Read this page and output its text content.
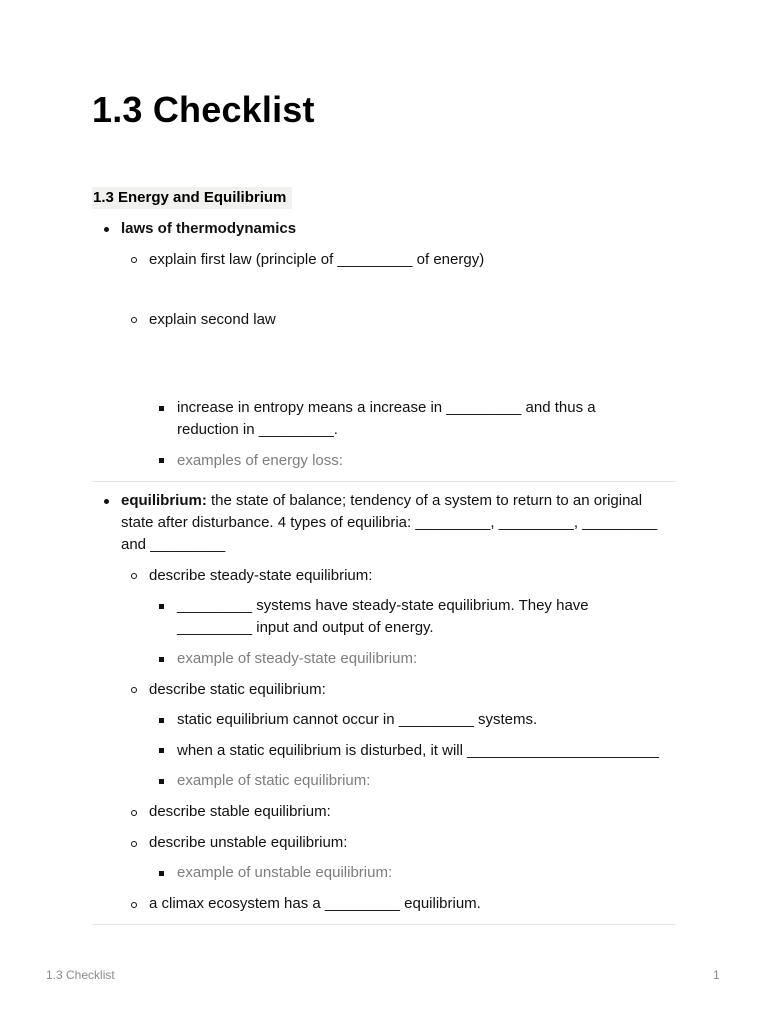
1.3 Checklist
1.3 Energy and Equilibrium
laws of thermodynamics
explain first law (principle of _________ of energy)
explain second law
increase in entropy means a increase in _________ and thus a
reduction in _________.
examples of energy loss:
equilibrium: the state of balance; tendency of a system to return to an original
state after disturbance. 4 types of equilibria: _________, _________, _________
and _________
describe steady-state equilibrium:
_________ systems have steady-state equilibrium. They have
_________ input and output of energy.
example of steady-state equilibrium:
describe static equilibrium:
static equilibrium cannot occur in _________ systems.
when a static equilibrium is disturbed, it will _______________________
example of static equilibrium:
describe stable equilibrium:
describe unstable equilibrium:
example of unstable equilibrium:
a climax ecosystem has a _________ equilibrium.
1.3 Checklist	1
